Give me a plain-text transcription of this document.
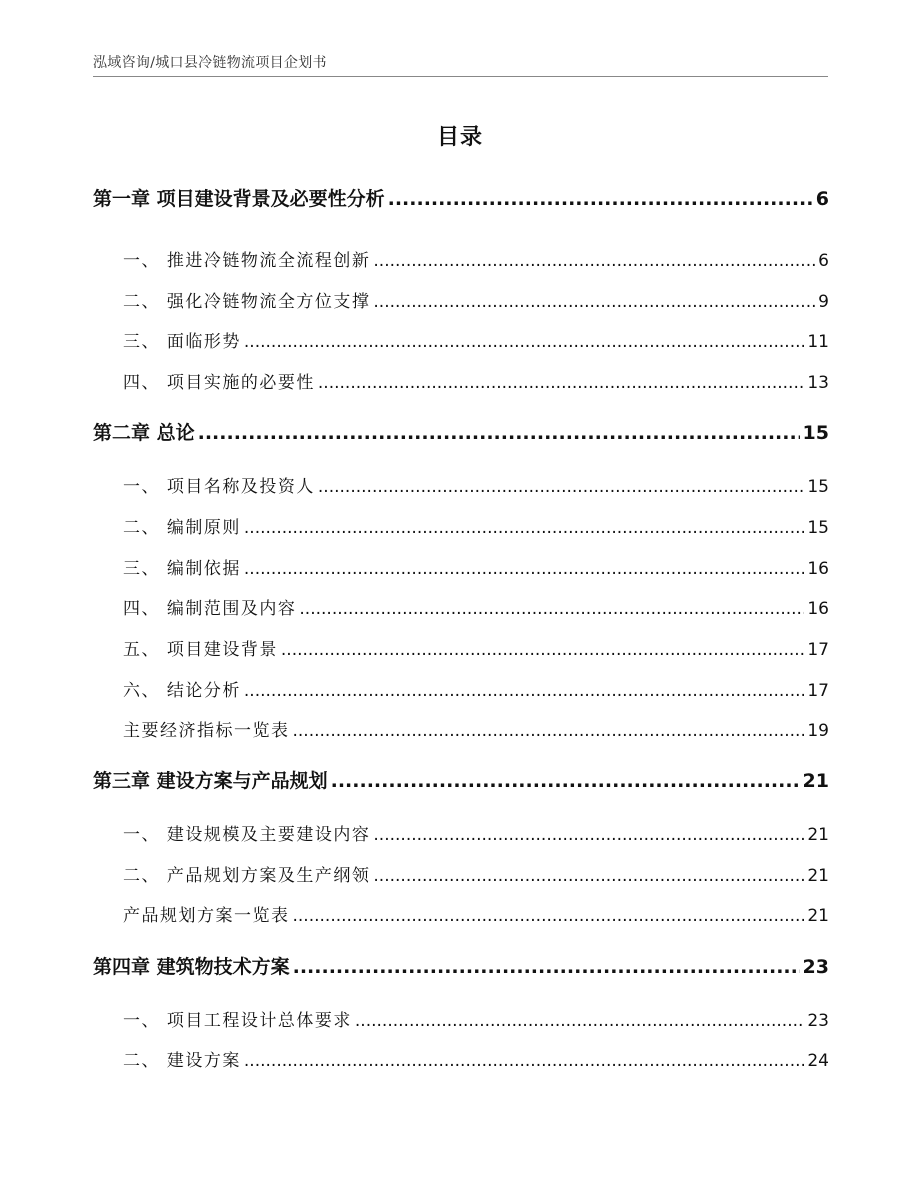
泓域咨询/城口县冷链物流项目企划书
目录
第一章 项目建设背景及必要性分析 .....	6
一、 推进冷链物流全流程创新 .....	6
二、 强化冷链物流全方位支撑 .....	9
三、 面临形势 .....	11
四、 项目实施的必要性 .....	13
第二章 总论 .....	15
一、 项目名称及投资人 .....	15
二、 编制原则 .....	15
三、 编制依据 .....	16
四、 编制范围及内容 .....	16
五、 项目建设背景 .....	17
六、 结论分析 .....	17
主要经济指标一览表 .....	19
第三章 建设方案与产品规划 .....	21
一、 建设规模及主要建设内容 .....	21
二、 产品规划方案及生产纲领 .....	21
产品规划方案一览表 .....	21
第四章 建筑物技术方案 .....	23
一、 项目工程设计总体要求 .....	23
二、 建设方案 .....	24
